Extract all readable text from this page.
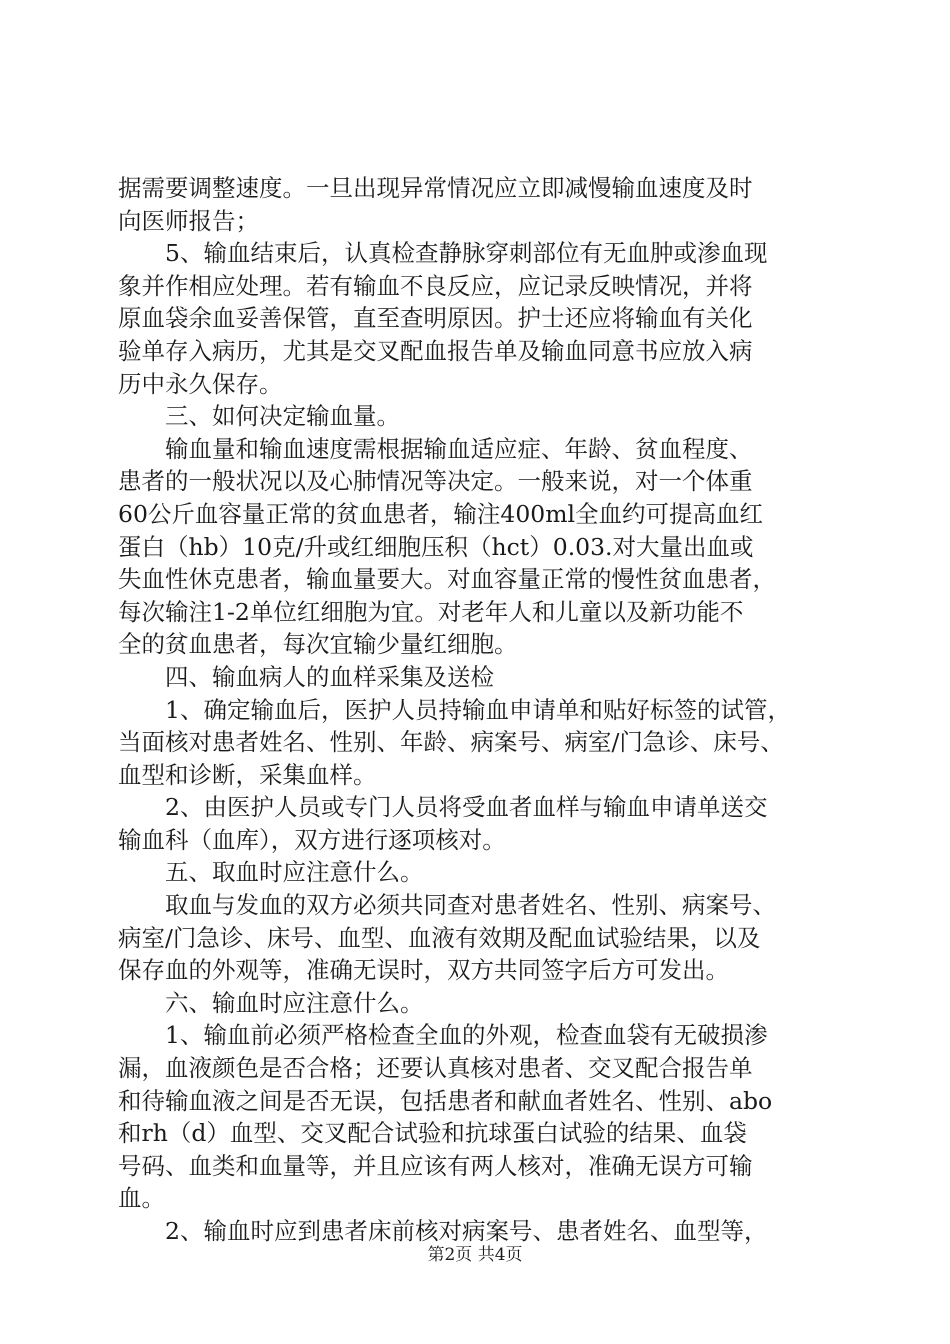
据需要调整速度。一旦出现异常情况应立即减慢输血速度及时
向医师报告；
5、输血结束后，认真检查静脉穿刺部位有无血肿或渗血现
象并作相应处理。若有输血不良反应，应记录反映情况，并将
原血袋余血妥善保管，直至查明原因。护士还应将输血有关化
验单存入病历，尤其是交叉配血报告单及输血同意书应放入病
历中永久保存。
三、如何决定输血量。
输血量和输血速度需根据输血适应症、年龄、贫血程度、
患者的一般状况以及心肺情况等决定。一般来说，对一个体重
60公斤血容量正常的贫血患者，输注400ml全血约可提高血红
蛋白（hb）10克/升或红细胞压积（hct）0.03.对大量出血或
失血性休克患者，输血量要大。对血容量正常的慢性贫血患者，
每次输注1-2单位红细胞为宜。对老年人和儿童以及新功能不
全的贫血患者，每次宜输少量红细胞。
四、输血病人的血样采集及送检
1、确定输血后，医护人员持输血申请单和贴好标签的试管，
当面核对患者姓名、性别、年龄、病案号、病室/门急诊、床号、
血型和诊断，采集血样。
2、由医护人员或专门人员将受血者血样与输血申请单送交
输血科（血库），双方进行逐项核对。
五、取血时应注意什么。
取血与发血的双方必须共同查对患者姓名、性别、病案号、
病室/门急诊、床号、血型、血液有效期及配血试验结果，以及
保存血的外观等，准确无误时，双方共同签字后方可发出。
六、输血时应注意什么。
1、输血前必须严格检查全血的外观，检查血袋有无破损渗
漏，血液颜色是否合格；还要认真核对患者、交叉配合报告单
和待输血液之间是否无误，包括患者和献血者姓名、性别、abo
和rh（d）血型、交叉配合试验和抗球蛋白试验的结果、血袋
号码、血类和血量等，并且应该有两人核对，准确无误方可输
血。
2、输血时应到患者床前核对病案号、患者姓名、血型等，
第2页 共4页
